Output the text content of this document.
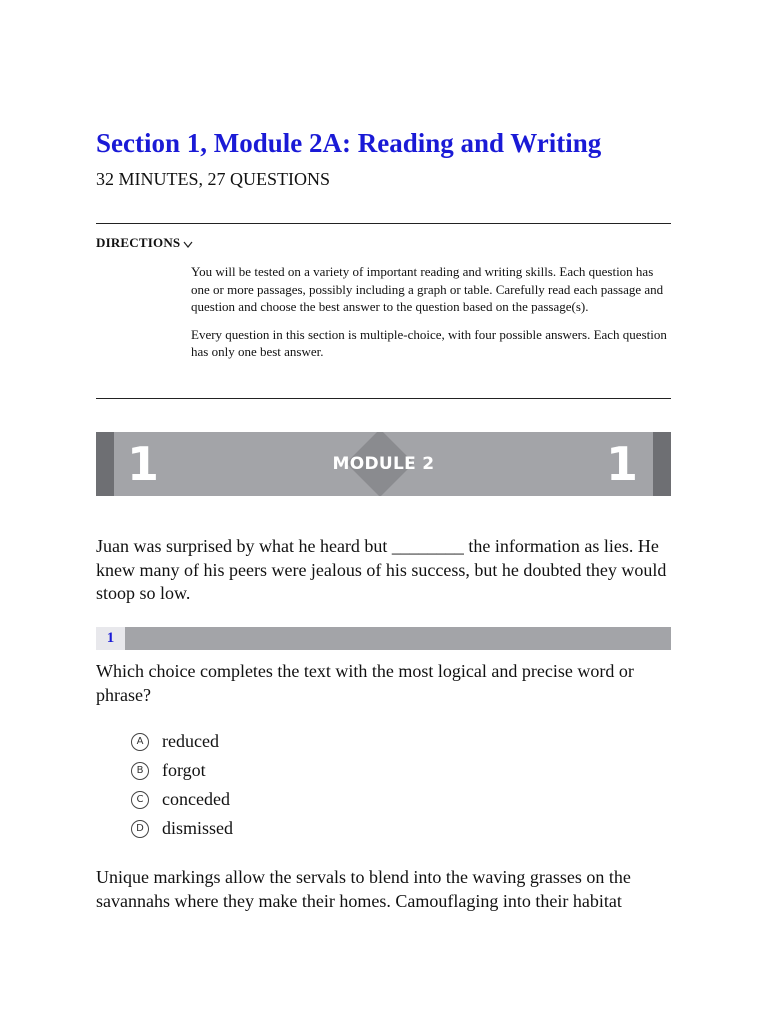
Section 1, Module 2A: Reading and Writing
32 MINUTES, 27 QUESTIONS
DIRECTIONS

You will be tested on a variety of important reading and writing skills. Each question has one or more passages, possibly including a graph or table. Carefully read each passage and question and choose the best answer to the question based on the passage(s).

Every question in this section is multiple-choice, with four possible answers. Each question has only one best answer.

1	MODULE 2	1
Juan was surprised by what he heard but ________ the information as lies. He knew many of his peers were jealous of his success, but he doubted they would stoop so low.
1
Which choice completes the text with the most logical and precise word or phrase?
A	reduced
B	forgot
C	conceded
D dismissed
Unique markings allow the servals to blend into the waving grasses on the savannahs where they make their homes. Camouflaging into their habitat
